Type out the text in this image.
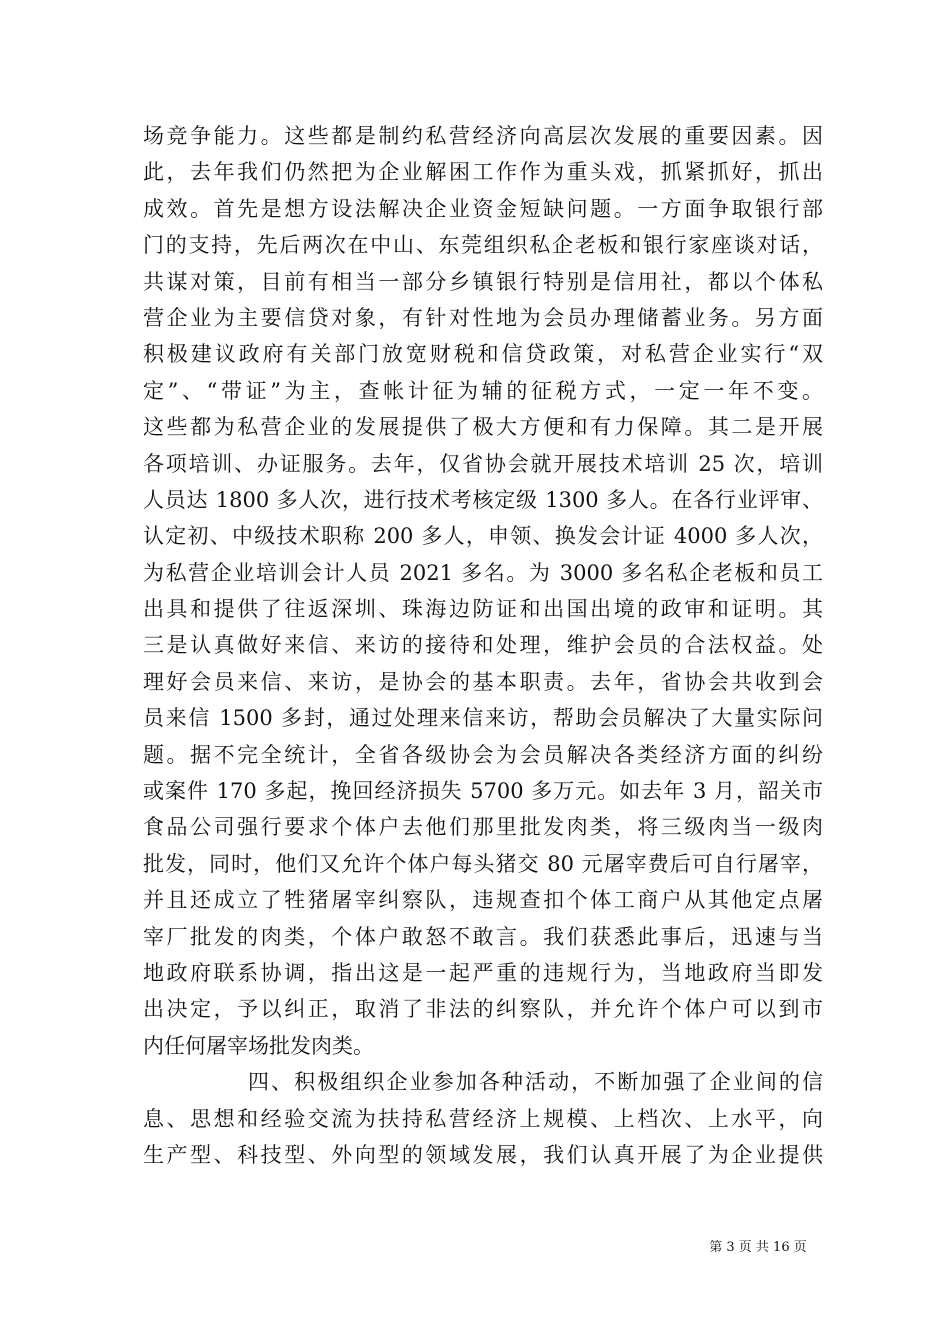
场竞争能力。这些都是制约私营经济向高层次发展的重要因素。因
此，去年我们仍然把为企业解困工作作为重头戏，抓紧抓好，抓出
成效。首先是想方设法解决企业资金短缺问题。一方面争取银行部
门的支持，先后两次在中山、东莞组织私企老板和银行家座谈对话，
共谋对策，目前有相当一部分乡镇银行特别是信用社，都以个体私
营企业为主要信贷对象，有针对性地为会员办理储蓄业务。另方面
积极建议政府有关部门放宽财税和信贷政策，对私营企业实行“双
定”、“带证”为主，查帐计征为辅的征税方式，一定一年不变。
这些都为私营企业的发展提供了极大方便和有力保障。其二是开展
各项培训、办证服务。去年，仅省协会就开展技术培训 25 次，培训
人员达 1800 多人次，进行技术考核定级 1300 多人。在各行业评审、
认定初、中级技术职称 200 多人，申领、换发会计证 4000 多人次，
为私营企业培训会计人员 2021 多名。为 3000 多名私企老板和员工
出具和提供了往返深圳、珠海边防证和出国出境的政审和证明。其
三是认真做好来信、来访的接待和处理，维护会员的合法权益。处
理好会员来信、来访，是协会的基本职责。去年，省协会共收到会
员来信 1500 多封，通过处理来信来访，帮助会员解决了大量实际问
题。据不完全统计，全省各级协会为会员解决各类经济方面的纠纷
或案件 170 多起，挽回经济损失 5700 多万元。如去年 3 月，韶关市
食品公司强行要求个体户去他们那里批发肉类，将三级肉当一级肉
批发，同时，他们又允许个体户每头猪交 80 元屠宰费后可自行屠宰，
并且还成立了牲猪屠宰纠察队，违规查扣个体工商户从其他定点屠
宰厂批发的肉类，个体户敢怒不敢言。我们获悉此事后，迅速与当
地政府联系协调，指出这是一起严重的违规行为，当地政府当即发
出决定，予以纠正，取消了非法的纠察队，并允许个体户可以到市
内任何屠宰场批发肉类。
四、积极组织企业参加各种活动，不断加强了企业间的信
息、思想和经验交流为扶持私营经济上规模、上档次、上水平，向
生产型、科技型、外向型的领域发展，我们认真开展了为企业提供
第 3 页 共 16 页
